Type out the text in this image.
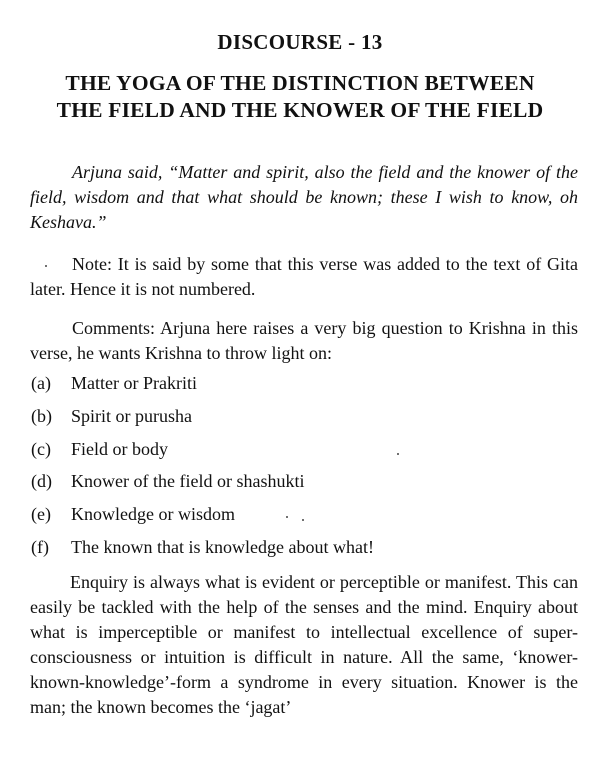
DISCOURSE - 13
THE YOGA OF THE DISTINCTION BETWEEN
THE FIELD AND THE KNOWER OF THE FIELD

Arjuna said, “Matter and spirit, also the field and the knower of the field, wisdom and that what should be known; these I wish to know, oh Keshava.”

Note: It is said by some that this verse was added to the text of Gita later. Hence it is not numbered.

Comments: Arjuna here raises a very big question to Krishna in this verse, he wants Krishna to throw light on:

(a) Matter or Prakriti
(b) Spirit or purusha
(c) Field or body
(d) Knower of the field or shashukti
(e) Knowledge or wisdom
(f) The known that is knowledge about what!

Enquiry is always what is evident or perceptible or manifest. This can easily be tackled with the help of the senses and the mind. Enquiry about what is imperceptible or manifest to intellectual excellence of super-consciousness or intuition is difficult in nature. All the same, ‘knower-known-knowledge’-form a syndrome in every situation. Knower is the man; the known becomes the ‘jagat’
